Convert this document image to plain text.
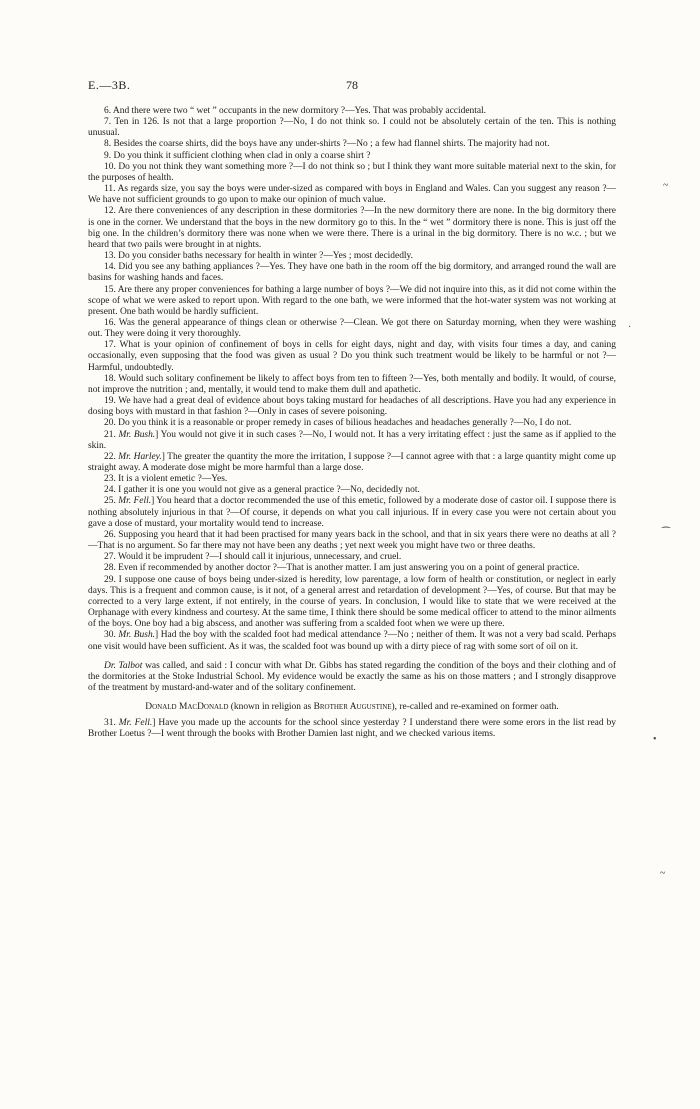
E.—3B.	78

6. And there were two “ wet ” occupants in the new dormitory ?—Yes. That was probably accidental.

7. Ten in 126. Is not that a large proportion ?—No, I do not think so. I could not be absolutely certain of the ten. This is nothing unusual.

8. Besides the coarse shirts, did the boys have any under-shirts ?—No ; a few had flannel shirts. The majority had not.

9. Do you think it sufficient clothing when clad in only a coarse shirt ?

10. Do you not think they want something more ?—I do not think so ; but I think they want more suitable material next to the skin, for the purposes of health.

11. As regards size, you say the boys were under-sized as compared with boys in England and Wales. Can you suggest any reason ?—We have not sufficient grounds to go upon to make our opinion of much value.

12. Are there conveniences of any description in these dormitories ?—In the new dormitory there are none. In the big dormitory there is one in the corner. We understand that the boys in the new dormitory go to this. In the “ wet ” dormitory there is none. This is just off the big one. In the children’s dormitory there was none when we were there. There is a urinal in the big dormitory. There is no w.c. ; but we heard that two pails were brought in at nights.

13. Do you consider baths necessary for health in winter ?—Yes ; most decidedly.

14. Did you see any bathing appliances ?—Yes. They have one bath in the room off the big dormitory, and arranged round the wall are basins for washing hands and faces.

15. Are there any proper conveniences for bathing a large number of boys ?—We did not inquire into this, as it did not come within the scope of what we were asked to report upon. With regard to the one bath, we were informed that the hot-water system was not working at present. One bath would be hardly sufficient.

16. Was the general appearance of things clean or otherwise ?—Clean. We got there on Saturday morning, when they were washing out. They were doing it very thoroughly.

17. What is your opinion of confinement of boys in cells for eight days, night and day, with visits four times a day, and caning occasionally, even supposing that the food was given as usual ? Do you think such treatment would be likely to be harmful or not ?—Harmful, undoubtedly.

18. Would such solitary confinement be likely to affect boys from ten to fifteen ?—Yes, both mentally and bodily. It would, of course, not improve the nutrition ; and, mentally, it would tend to make them dull and apathetic.

19. We have had a great deal of evidence about boys taking mustard for headaches of all descriptions. Have you had any experience in dosing boys with mustard in that fashion ?—Only in cases of severe poisoning.

20. Do you think it is a reasonable or proper remedy in cases of bilious headaches and headaches generally ?—No, I do not.

21. Mr. Bush.] You would not give it in such cases ?—No, I would not. It has a very irritating effect : just the same as if applied to the skin.

22. Mr. Harley.] The greater the quantity the more the irritation, I suppose ?—I cannot agree with that : a large quantity might come up straight away. A moderate dose might be more harmful than a large dose.

23. It is a violent emetic ?—Yes.

24. I gather it is one you would not give as a general practice ?—No, decidedly not.

25. Mr. Fell.] You heard that a doctor recommended the use of this emetic, followed by a moderate dose of castor oil. I suppose there is nothing absolutely injurious in that ?—Of course, it depends on what you call injurious. If in every case you were not certain about you gave a dose of mustard, your mortality would tend to increase.

26. Supposing you heard that it had been practised for many years back in the school, and that in six years there were no deaths at all ?—That is no argument. So far there may not have been any deaths ; yet next week you might have two or three deaths.

27. Would it be imprudent ?—I should call it injurious, unnecessary, and cruel.

28. Even if recommended by another doctor ?—That is another matter. I am just answering you on a point of general practice.

29. I suppose one cause of boys being under-sized is heredity, low parentage, a low form of health or constitution, or neglect in early days. This is a frequent and common cause, is it not, of a general arrest and retardation of development ?—Yes, of course. But that may be corrected to a very large extent, if not entirely, in the course of years. In conclusion, I would like to state that we were received at the Orphanage with every kindness and courtesy. At the same time, I think there should be some medical officer to attend to the minor ailments of the boys. One boy had a big abscess, and another was suffering from a scalded foot when we were up there.

30. Mr. Bush.] Had the boy with the scalded foot had medical attendance ?—No ; neither of them. It was not a very bad scald. Perhaps one visit would have been sufficient. As it was, the scalded foot was bound up with a dirty piece of rag with some sort of oil on it.

Dr. Talbot was called, and said : I concur with what Dr. Gibbs has stated regarding the condition of the boys and their clothing and of the dormitories at the Stoke Industrial School. My evidence would be exactly the same as his on those matters ; and I strongly disapprove of the treatment by mustard-and-water and of the solitary confinement.

Donald MacDonald (known in religion as Brother Augustine), re-called and re-examined on former oath.

31. Mr. Fell.] Have you made up the accounts for the school since yesterday ? I understand there were some erors in the list read by Brother Loetus ?—I went through the books with Brother Damien last night, and we checked various items.

~
·
⁀
•
~
